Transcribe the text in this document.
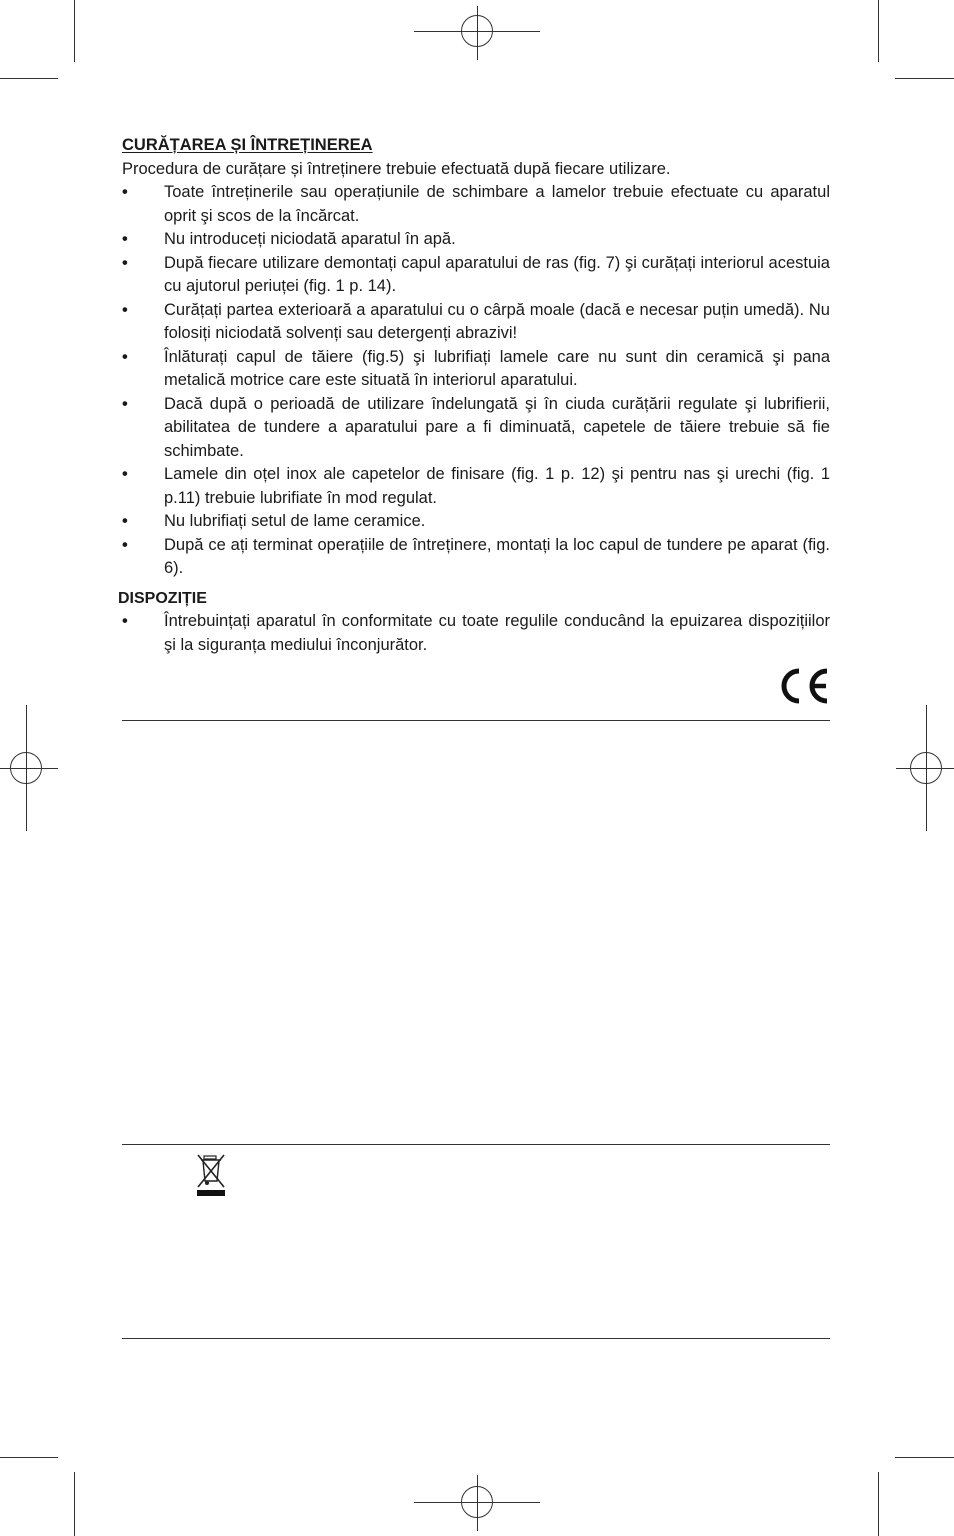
CURĂȚAREA ȘI ÎNTREȚINEREA

Procedura de curățare și întreținere trebuie efectuată după fiecare utilizare.

• Toate întreținerile sau operațiunile de schimbare a lamelor trebuie efectuate cu aparatul oprit şi scos de la încărcat.
• Nu introduceți niciodată aparatul în apă.
• După fiecare utilizare demontați capul aparatului de ras (fig. 7) şi curățați interiorul acestuia cu ajutorul periuței (fig. 1 p. 14).
• Curățați partea exterioară a aparatului cu o cârpă moale (dacă e necesar puțin umedă). Nu folosiți niciodată solvenți sau detergenți abrazivi!
• Înlăturați capul de tăiere (fig.5) şi lubrifiați lamele care nu sunt din ceramică şi pana metalică motrice care este situată în interiorul aparatului.
• Dacă după o perioadă de utilizare îndelungată şi în ciuda curățării regulate şi lubrifierii, abilitatea de tundere a aparatului pare a fi diminuată, capetele de tăiere trebuie să fie schimbate.
• Lamele din oțel inox ale capetelor de finisare (fig. 1 p. 12) şi pentru nas şi urechi (fig. 1 p.11) trebuie lubrifiate în mod regulat.
• Nu lubrifiați setul de lame ceramice.
• După ce ați terminat operațiile de întreținere, montați la loc capul de tundere pe aparat (fig. 6).

DISPOZIȚIE

• Întrebuințați aparatul în conformitate cu toate regulile conducând la epuizarea dispozițiilor şi la siguranța mediului înconjurător.
